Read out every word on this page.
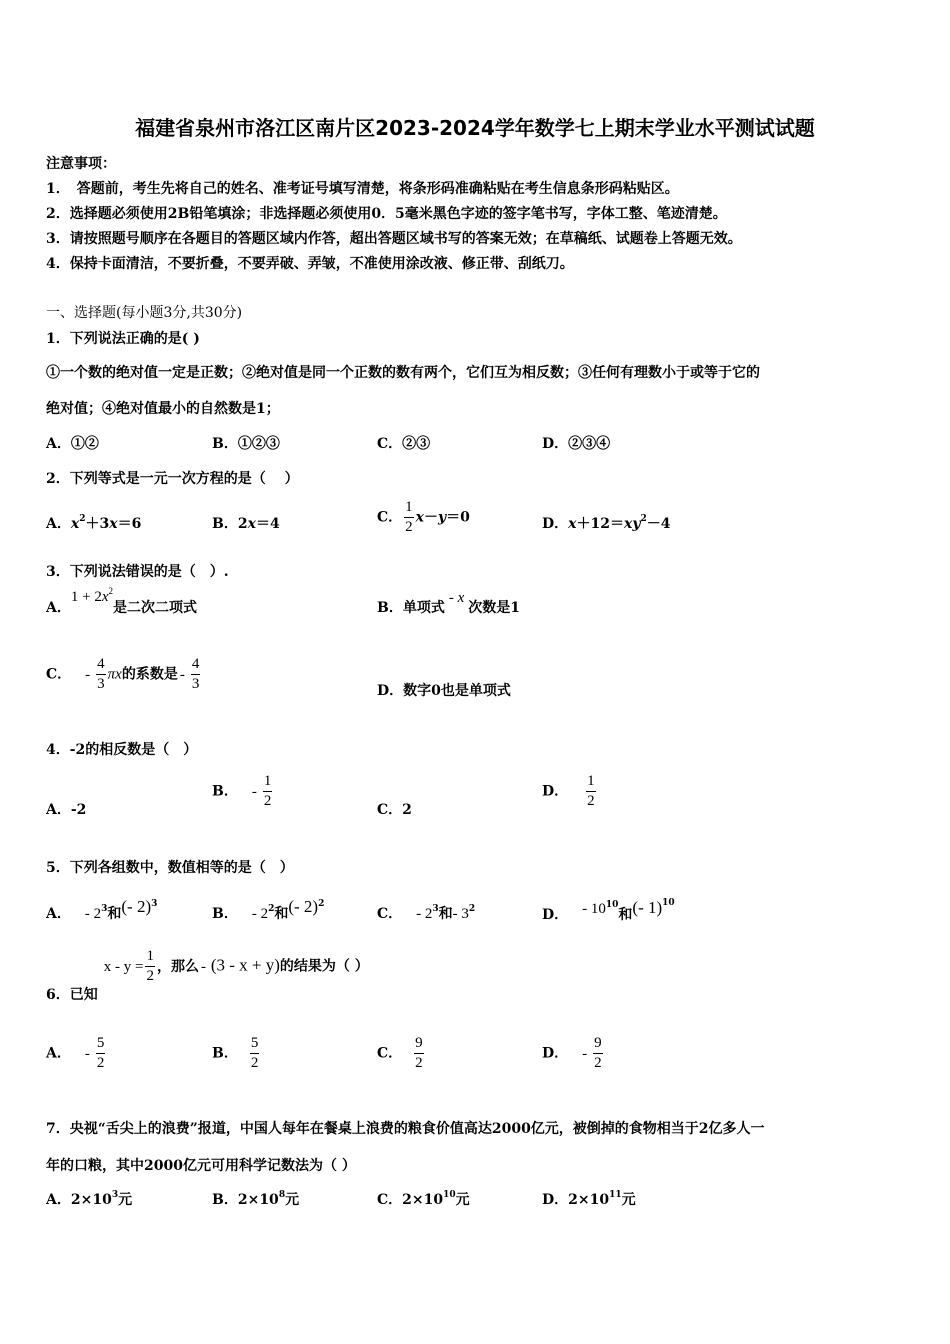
福建省泉州市洛江区南片区2023-2024学年数学七上期末学业水平测试试题
注意事项：
1．　答题前，考生先将自己的姓名、准考证号填写清楚，将条形码准确粘贴在考生信息条形码粘贴区。
2．选择题必须使用2B铅笔填涂；非选择题必须使用0．5毫米黑色字迹的签字笔书写，字体工整、笔迹清楚。
3．请按照题号顺序在各题目的答题区域内作答，超出答题区域书写的答案无效；在草稿纸、试题卷上答题无效。
4．保持卡面清洁，不要折叠，不要弄破、弄皱，不准使用涂改液、修正带、刮纸刀。
一、选择题(每小题3分,共30分)
1．下列说法正确的是( )
①一个数的绝对值一定是正数；②绝对值是同一个正数的数有两个，它们互为相反数；③任何有理数小于或等于它的
绝对值；④绝对值最小的自然数是1；
A．①②	B．①②③	C．②③	D．②③④
2．下列等式是一元一次方程的是（　 ）
A．$x^2+3x=6$	B．2x＝4	C． $\frac{1}{2} x-y=0$	D．$x+12=xy^2-4$
3．下列说法错误的是（　）.
A．$1 + 2x^2$是二次二项式	B．单项式- x次数是1
C． - $\frac{4}{3}$ πx的系数是 - $\frac{4}{3}$	D．数字0也是单项式
4．-2的相反数是（　）
A．-2
B． - $\frac{1}{2}$	C．2
D． $\frac{1}{2}$
5．下列各组数中，数值相等的是（　）
A． - $2^3$和(- 2)$^3$
B． - $2^2$和(- 2)$^2$
C． - $2^3$和- $3^2$	D． - $10^{10}$和(- 1)$^{10}$
6．已知$x - y = \frac{1}{2}$ ，那么 - (3 - x + y)的结果为（ ）
A． - $\frac{5}{2}$	B． $\frac{5}{2}$	C． $\frac{9}{2}$	D． - $\frac{9}{2}$
7．央视“舌尖上的浪费”报道，中国人每年在餐桌上浪费的粮食价值高达2000亿元，被倒掉的食物相当于2亿多人一
年的口粮，其中2000亿元可用科学记数法为（ ）
A．$2\times 10^3$元	B．$2\times 10^8$元	C．$2\times 10^{10}$元	D．$2\times 10^{11}$元
